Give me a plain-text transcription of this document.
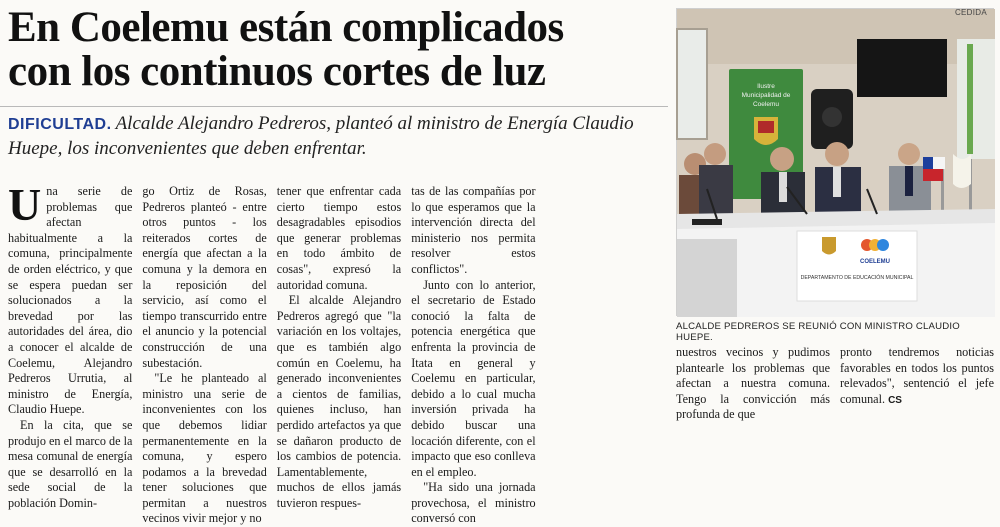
En Coelemu están complicados
con los continuos cortes de luz
DIFICULTAD. Alcalde Alejandro Pedreros, planteó al ministro de Energía Claudio Huepe, los inconvenientes que deben enfrentar.

Una serie de problemas que afectan habitualmente a la comuna, principalmente de orden eléctrico, y que se espera puedan ser solucionados a la brevedad por las autoridades del área, dio a conocer el alcalde de Coelemu, Alejandro Pedreros Urrutia, al ministro de Energía, Claudio Huepe.

En la cita, que se produjo en el marco de la mesa comunal de energía que se desarrolló en la sede social de la población Domin-

go Ortiz de Rosas, Pedreros planteó - entre otros puntos - los reiterados cortes de energía que afectan a la comuna y la demora en la reposición del servicio, así como el tiempo transcurrido entre el anuncio y la potencial construcción de una subestación.

"Le he planteado al ministro una serie de inconvenientes con los que debemos lidiar permanentemente en la comuna, y espero podamos a la brevedad tener soluciones que permitan a nuestros vecinos vivir mejor y no

tener que enfrentar cada cierto tiempo estos desagradables episodios que generar problemas en todo ámbito de cosas", expresó la autoridad comuna.

El alcalde Alejandro Pedreros agregó que "la variación en los voltajes, que es también algo común en Coelemu, ha generado inconvenientes a cientos de familias, quienes incluso, han perdido artefactos ya que se dañaron producto de los cambios de potencia. Lamentablemente, muchos de ellos jamás tuvieron respues-

tas de las compañías por lo que esperamos que la intervención directa del ministerio nos permita resolver estos conflictos".

Junto con lo anterior, el secretario de Estado conoció la falta de potencia energética que enfrenta la provincia de Itata en general y Coelemu en particular, debido a lo cual mucha inversión privada ha debido buscar una locación diferente, con el impacto que eso conlleva en el empleo.

"Ha sido una jornada provechosa, el ministro conversó con

Ilustre
Municipalidad de
Coelemu
COELEMU
DEPARTAMENTO DE EDUCACIÓN MUNICIPAL
CEDIDA
ALCALDE PEDREROS SE REUNIÓ CON MINISTRO CLAUDIO HUEPE.

nuestros vecinos y pudimos plantearle los problemas que afectan a nuestra comuna. Tengo la convicción más profunda de que

pronto tendremos noticias favorables en todos los puntos relevados", sentenció el jefe comunal. CS
